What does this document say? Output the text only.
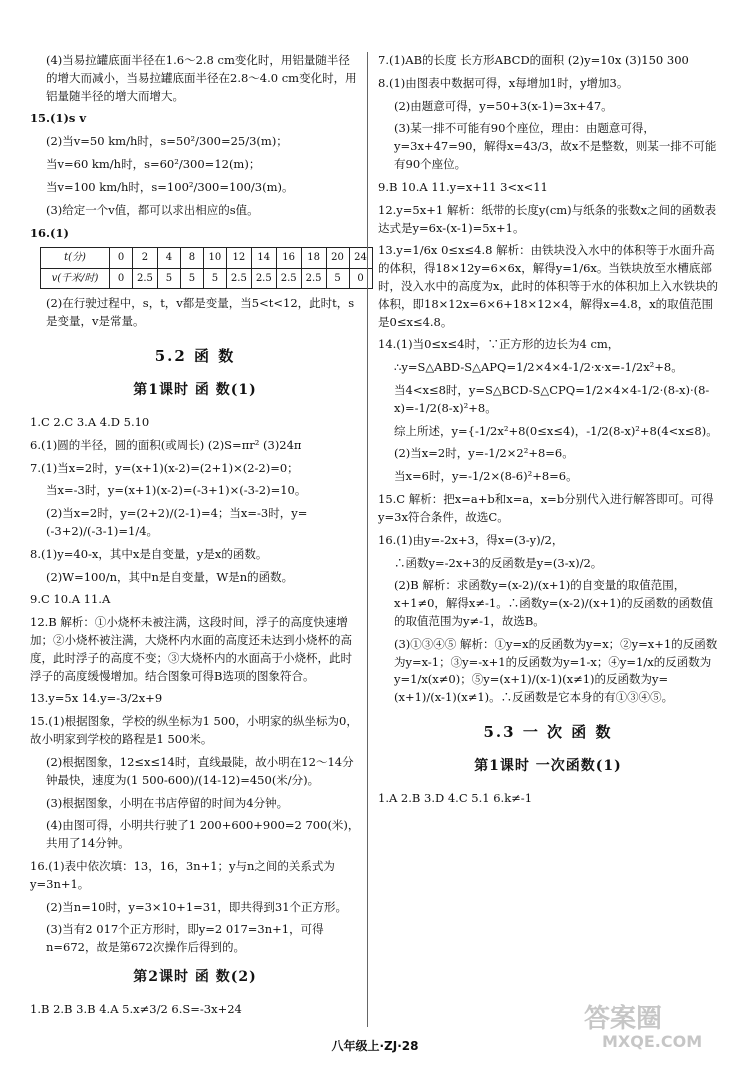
(4)当易拉罐底面半径在1.6～2.8 cm变化时，用铝量随半径的增大而减小，当易拉罐底面半径在2.8～4.0 cm变化时，用铝量随半径的增大而增大。
15.(1)s v
(2)当v=50 km/h时，s=50²/300=25/3(m)；
当v=60 km/h时，s=60²/300=12(m)；
当v=100 km/h时，s=100²/300=100/3(m)。
(3)给定一个v值，都可以求出相应的s值。
16.(1)
t(分)	0	2	4	8	10	12	14	16	18	20	24
v(千米/时)	0	2.5	5	5	5	2.5	2.5	2.5	2.5	5	0
(2)在行驶过程中，s，t，v都是变量，当5<t<12，此时t，s是变量，v是常量。
5.2 函 数
第1课时 函 数(1)
1.C 2.C 3.A 4.D 5.10
6.(1)圆的半径，圆的面积(或周长) (2)S=πr² (3)24π
7.(1)当x=2时，y=(x+1)(x-2)=(2+1)×(2-2)=0；
当x=-3时，y=(x+1)(x-2)=(-3+1)×(-3-2)=10。
(2)当x=2时，y=(2+2)/(2-1)=4；当x=-3时，y=(-3+2)/(-3-1)=1/4。
8.(1)y=40-x，其中x是自变量，y是x的函数。
(2)W=100/n，其中n是自变量，W是n的函数。
9.C 10.A 11.A
12.B 解析：①小烧杯未被注满，这段时间，浮子的高度快速增加；②小烧杯被注满，大烧杯内水面的高度还未达到小烧杯的高度，此时浮子的高度不变；③大烧杯内的水面高于小烧杯，此时浮子的高度缓慢增加。结合图象可得B选项的图象符合。
13.y=5x 14.y=-3/2x+9
15.(1)根据图象，学校的纵坐标为1 500，小明家的纵坐标为0，故小明家到学校的路程是1 500米。
(2)根据图象，12≤x≤14时，直线最陡，故小明在12～14分钟最快，速度为(1 500-600)/(14-12)=450(米/分)。
(3)根据图象，小明在书店停留的时间为4分钟。
(4)由图可得，小明共行驶了1 200+600+900=2 700(米)，共用了14分钟。
16.(1)表中依次填：13，16，3n+1；y与n之间的关系式为y=3n+1。
(2)当n=10时，y=3×10+1=31，即共得到31个正方形。
(3)当有2 017个正方形时，即y=2 017=3n+1，可得n=672，故是第672次操作后得到的。
第2课时 函 数(2)
1.B 2.B 3.B 4.A 5.x≠3/2 6.S=-3x+24
7.(1)AB的长度 长方形ABCD的面积 (2)y=10x (3)150 300
8.(1)由图表中数据可得，x每增加1时，y增加3。
(2)由题意可得，y=50+3(x-1)=3x+47。
(3)某一排不可能有90个座位，理由：由题意可得，y=3x+47=90，解得x=43/3，故x不是整数，则某一排不可能有90个座位。
9.B 10.A 11.y=x+11 3<x<11
12.y=5x+1 解析：纸带的长度y(cm)与纸条的张数x之间的函数表达式是y=6x-(x-1)=5x+1。
13.y=1/6x 0≤x≤4.8 解析：由铁块没入水中的体积等于水面升高的体积，得18×12y=6×6x，解得y=1/6x。当铁块放至水槽底部时，没入水中的高度为x，此时的体积等于水的体积加上入水铁块的体积，即18×12x=6×6+18×12×4，解得x=4.8，x的取值范围是0≤x≤4.8。
14.(1)当0≤x≤4时，∵正方形的边长为4 cm，
∴y=S△ABD-S△APQ=1/2×4×4-1/2·x·x=-1/2x²+8。
当4<x≤8时，y=S△BCD-S△CPQ=1/2×4×4-1/2·(8-x)·(8-x)=-1/2(8-x)²+8。
综上所述，y={-1/2x²+8(0≤x≤4)，-1/2(8-x)²+8(4<x≤8)。
(2)当x=2时，y=-1/2×2²+8=6。
当x=6时，y=-1/2×(8-6)²+8=6。
15.C 解析：把x=a+b和x=a，x=b分别代入进行解答即可。可得y=3x符合条件，故选C。
16.(1)由y=-2x+3，得x=(3-y)/2，
∴函数y=-2x+3的反函数是y=(3-x)/2。
(2)B 解析：求函数y=(x-2)/(x+1)的自变量的取值范围，x+1≠0，解得x≠-1。∴函数y=(x-2)/(x+1)的反函数的函数值的取值范围为y≠-1，故选B。
(3)①③④⑤ 解析：①y=x的反函数为y=x；②y=x+1的反函数为y=x-1；③y=-x+1的反函数为y=1-x；④y=1/x的反函数为y=1/x(x≠0)；⑤y=(x+1)/(x-1)(x≠1)的反函数为y=(x+1)/(x-1)(x≠1)。∴反函数是它本身的有①③④⑤。
5.3 一 次 函 数
第1课时 一次函数(1)
1.A 2.B 3.D 4.C 5.1 6.k≠-1
八年级上·ZJ·28
答案圈
MXQE.COM
